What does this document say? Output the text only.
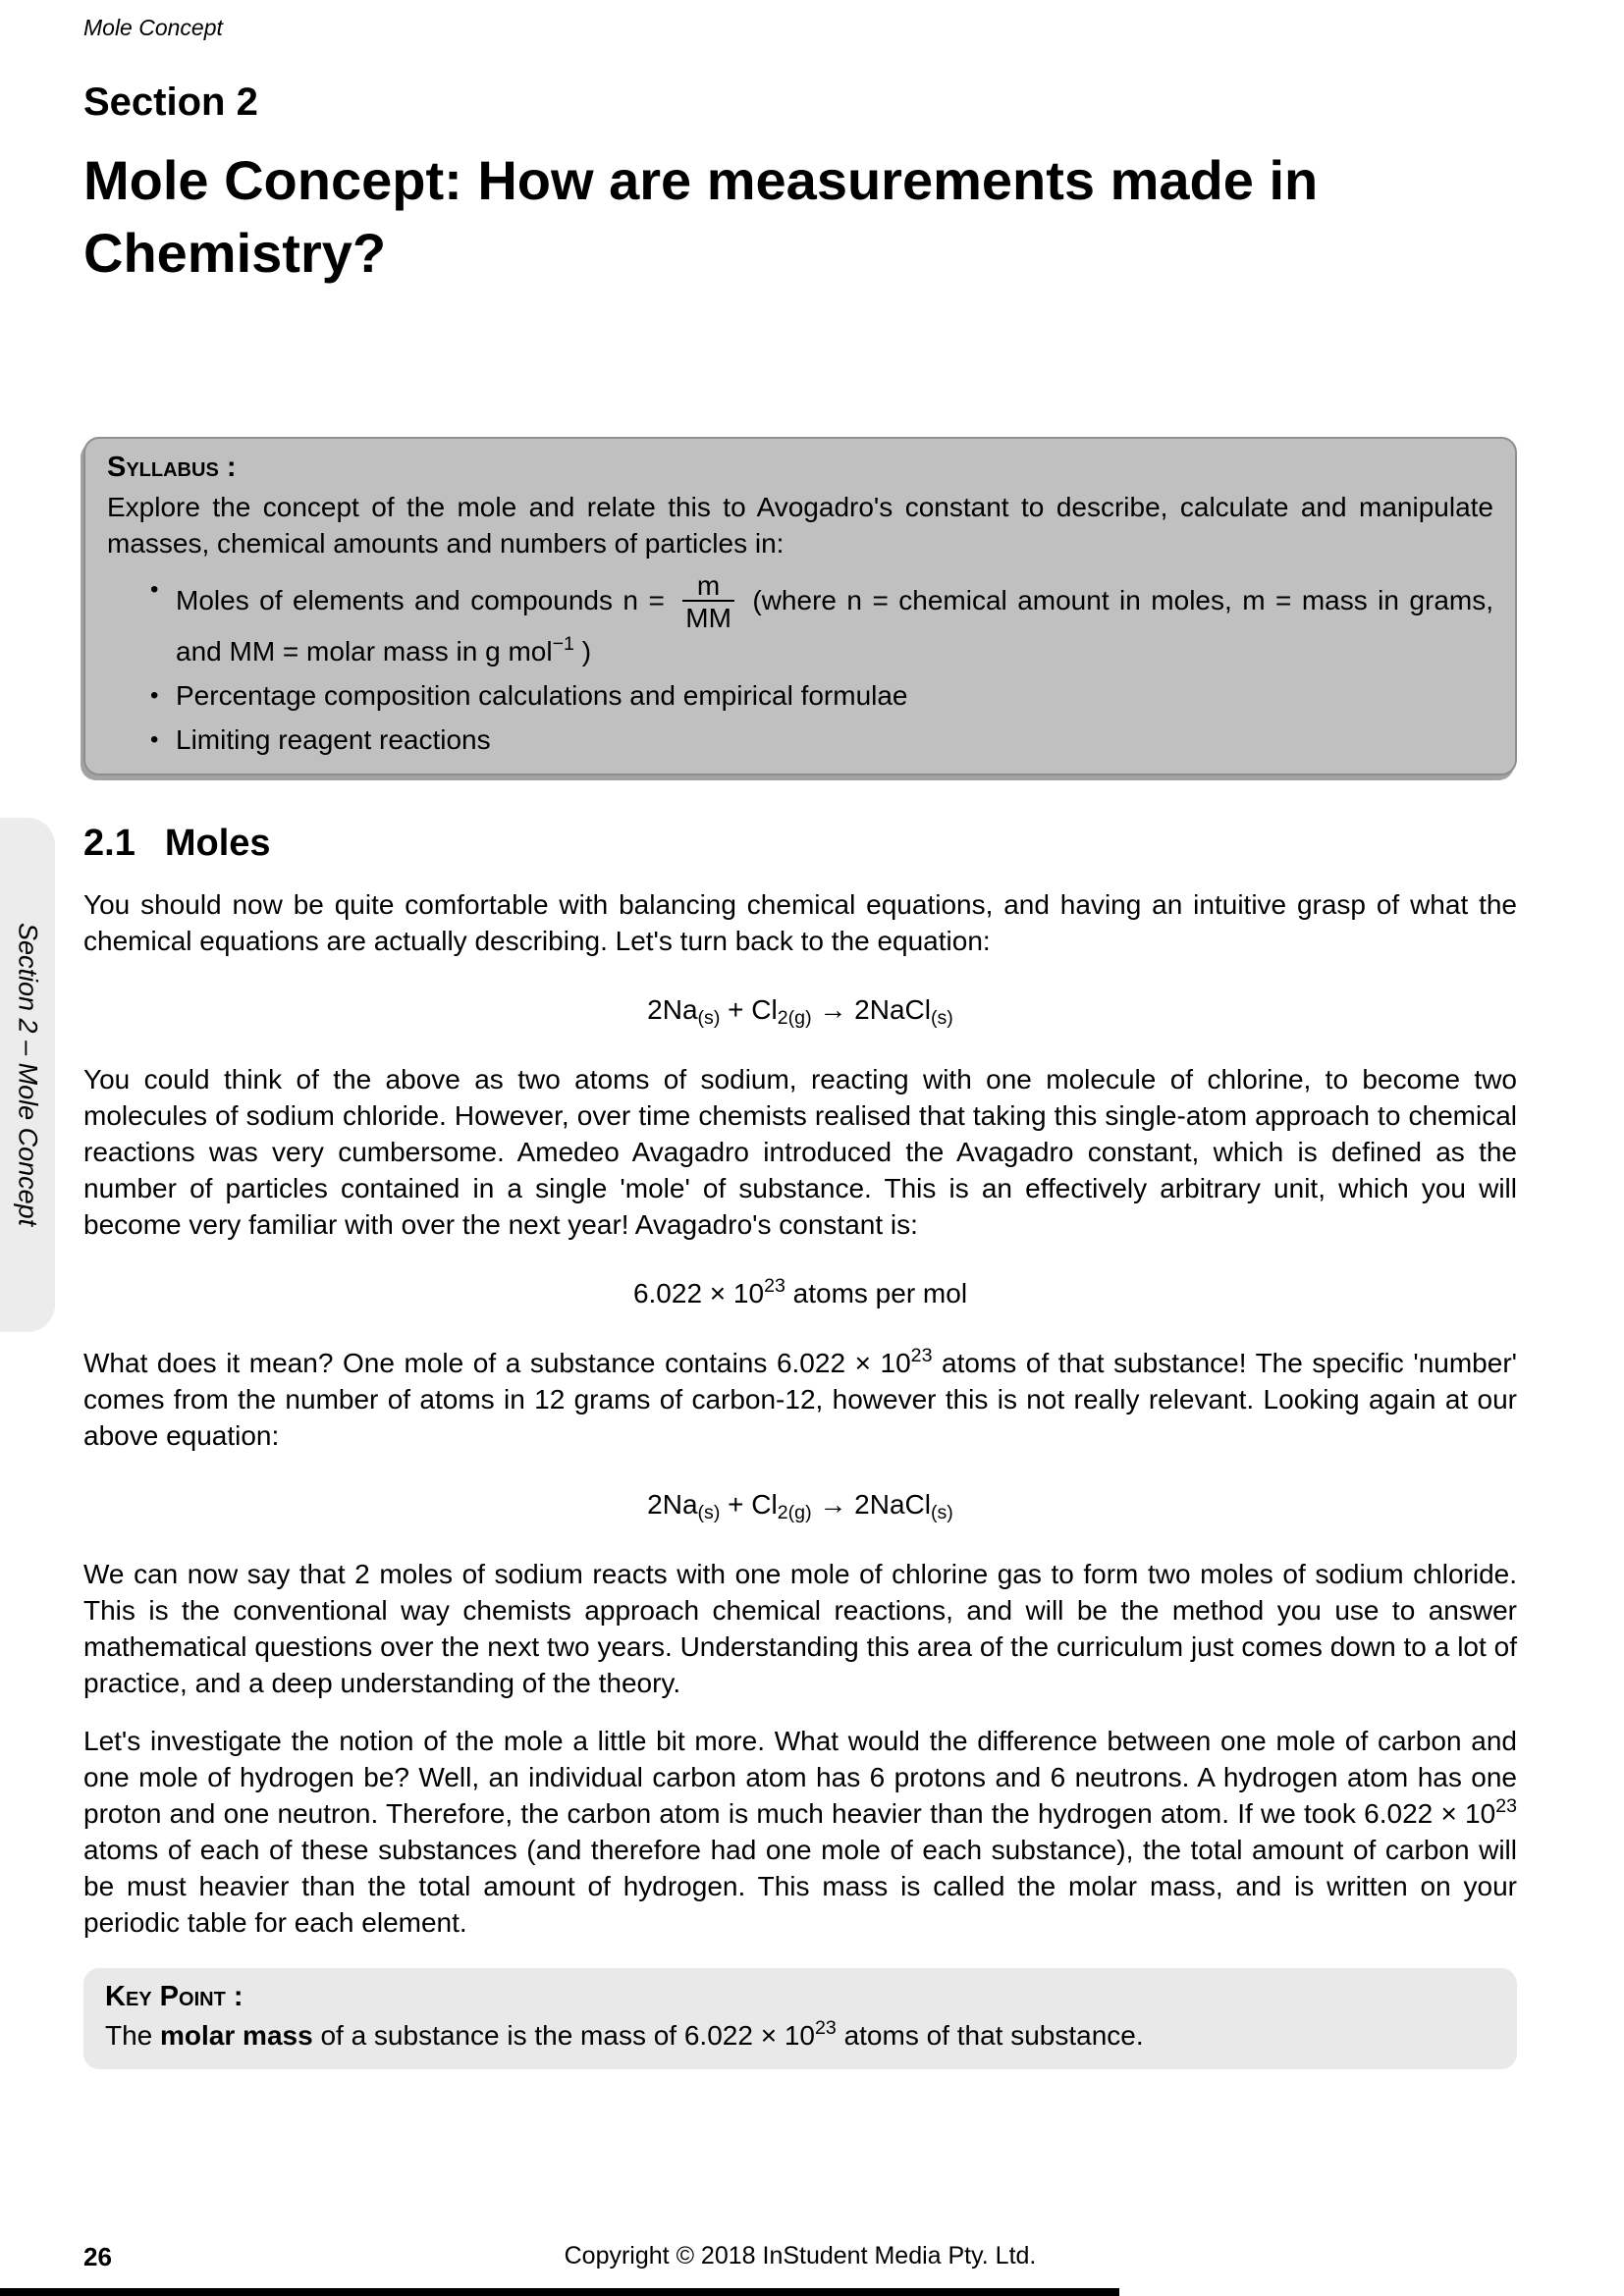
Section 2 – Mole Concept
Mole Concept
Section 2
Mole Concept: How are measurements made in
Chemistry?
Syllabus :

Explore the concept of the mole and relate this to Avogadro's constant to describe, calculate and manipulate masses, chemical amounts and numbers of particles in:

• Moles of elements and compounds $n = \frac{m}{MM}$ (where n = chemical amount in moles, m = mass in grams, and MM = molar mass in g mol$^{-1}$ )
• Percentage composition calculations and empirical formulae
• Limiting reagent reactions
2.1 Moles

You should now be quite comfortable with balancing chemical equations, and having an intuitive grasp of what the chemical equations are actually describing. Let's turn back to the equation:

$2Na_{(s)} + Cl_{2(g)}$ → 2NaCl$_{(s)}$

You could think of the above as two atoms of sodium, reacting with one molecule of chlorine, to become two molecules of sodium chloride. However, over time chemists realised that taking this single-atom approach to chemical reactions was very cumbersome. Amedeo Avagadro introduced the Avagadro constant, which is defined as the number of particles contained in a single 'mole' of substance. This is an effectively arbitrary unit, which you will become very familiar with over the next year! Avagadro's constant is:

$6.022 \times 10^{23}$ atoms per mol

What does it mean? One mole of a substance contains $6.022 \times 10^{23}$ atoms of that substance! The specific 'number' comes from the number of atoms in 12 grams of carbon-12, however this is not really relevant. Looking again at our above equation:

$2Na_{(s)} + Cl_{2(g)}$ → 2NaCl$_{(s)}$

We can now say that 2 moles of sodium reacts with one mole of chlorine gas to form two moles of sodium chloride. This is the conventional way chemists approach chemical reactions, and will be the method you use to answer mathematical questions over the next two years. Understanding this area of the curriculum just comes down to a lot of practice, and a deep understanding of the theory.

Let's investigate the notion of the mole a little bit more. What would the difference between one mole of carbon and one mole of hydrogen be? Well, an individual carbon atom has 6 protons and 6 neutrons. A hydrogen atom has one proton and one neutron. Therefore, the carbon atom is much heavier than the hydrogen atom. If we took $6.022 \times 10^{23}$ atoms of each of these substances (and therefore had one mole of each substance), the total amount of carbon will be must heavier than the total amount of hydrogen. This mass is called the molar mass, and is written on your periodic table for each element.

Key Point :

The molar mass of a substance is the mass of $6.022 \times 10^{23}$ atoms of that substance.

26	Copyright © 2018 InStudent Media Pty. Ltd.
